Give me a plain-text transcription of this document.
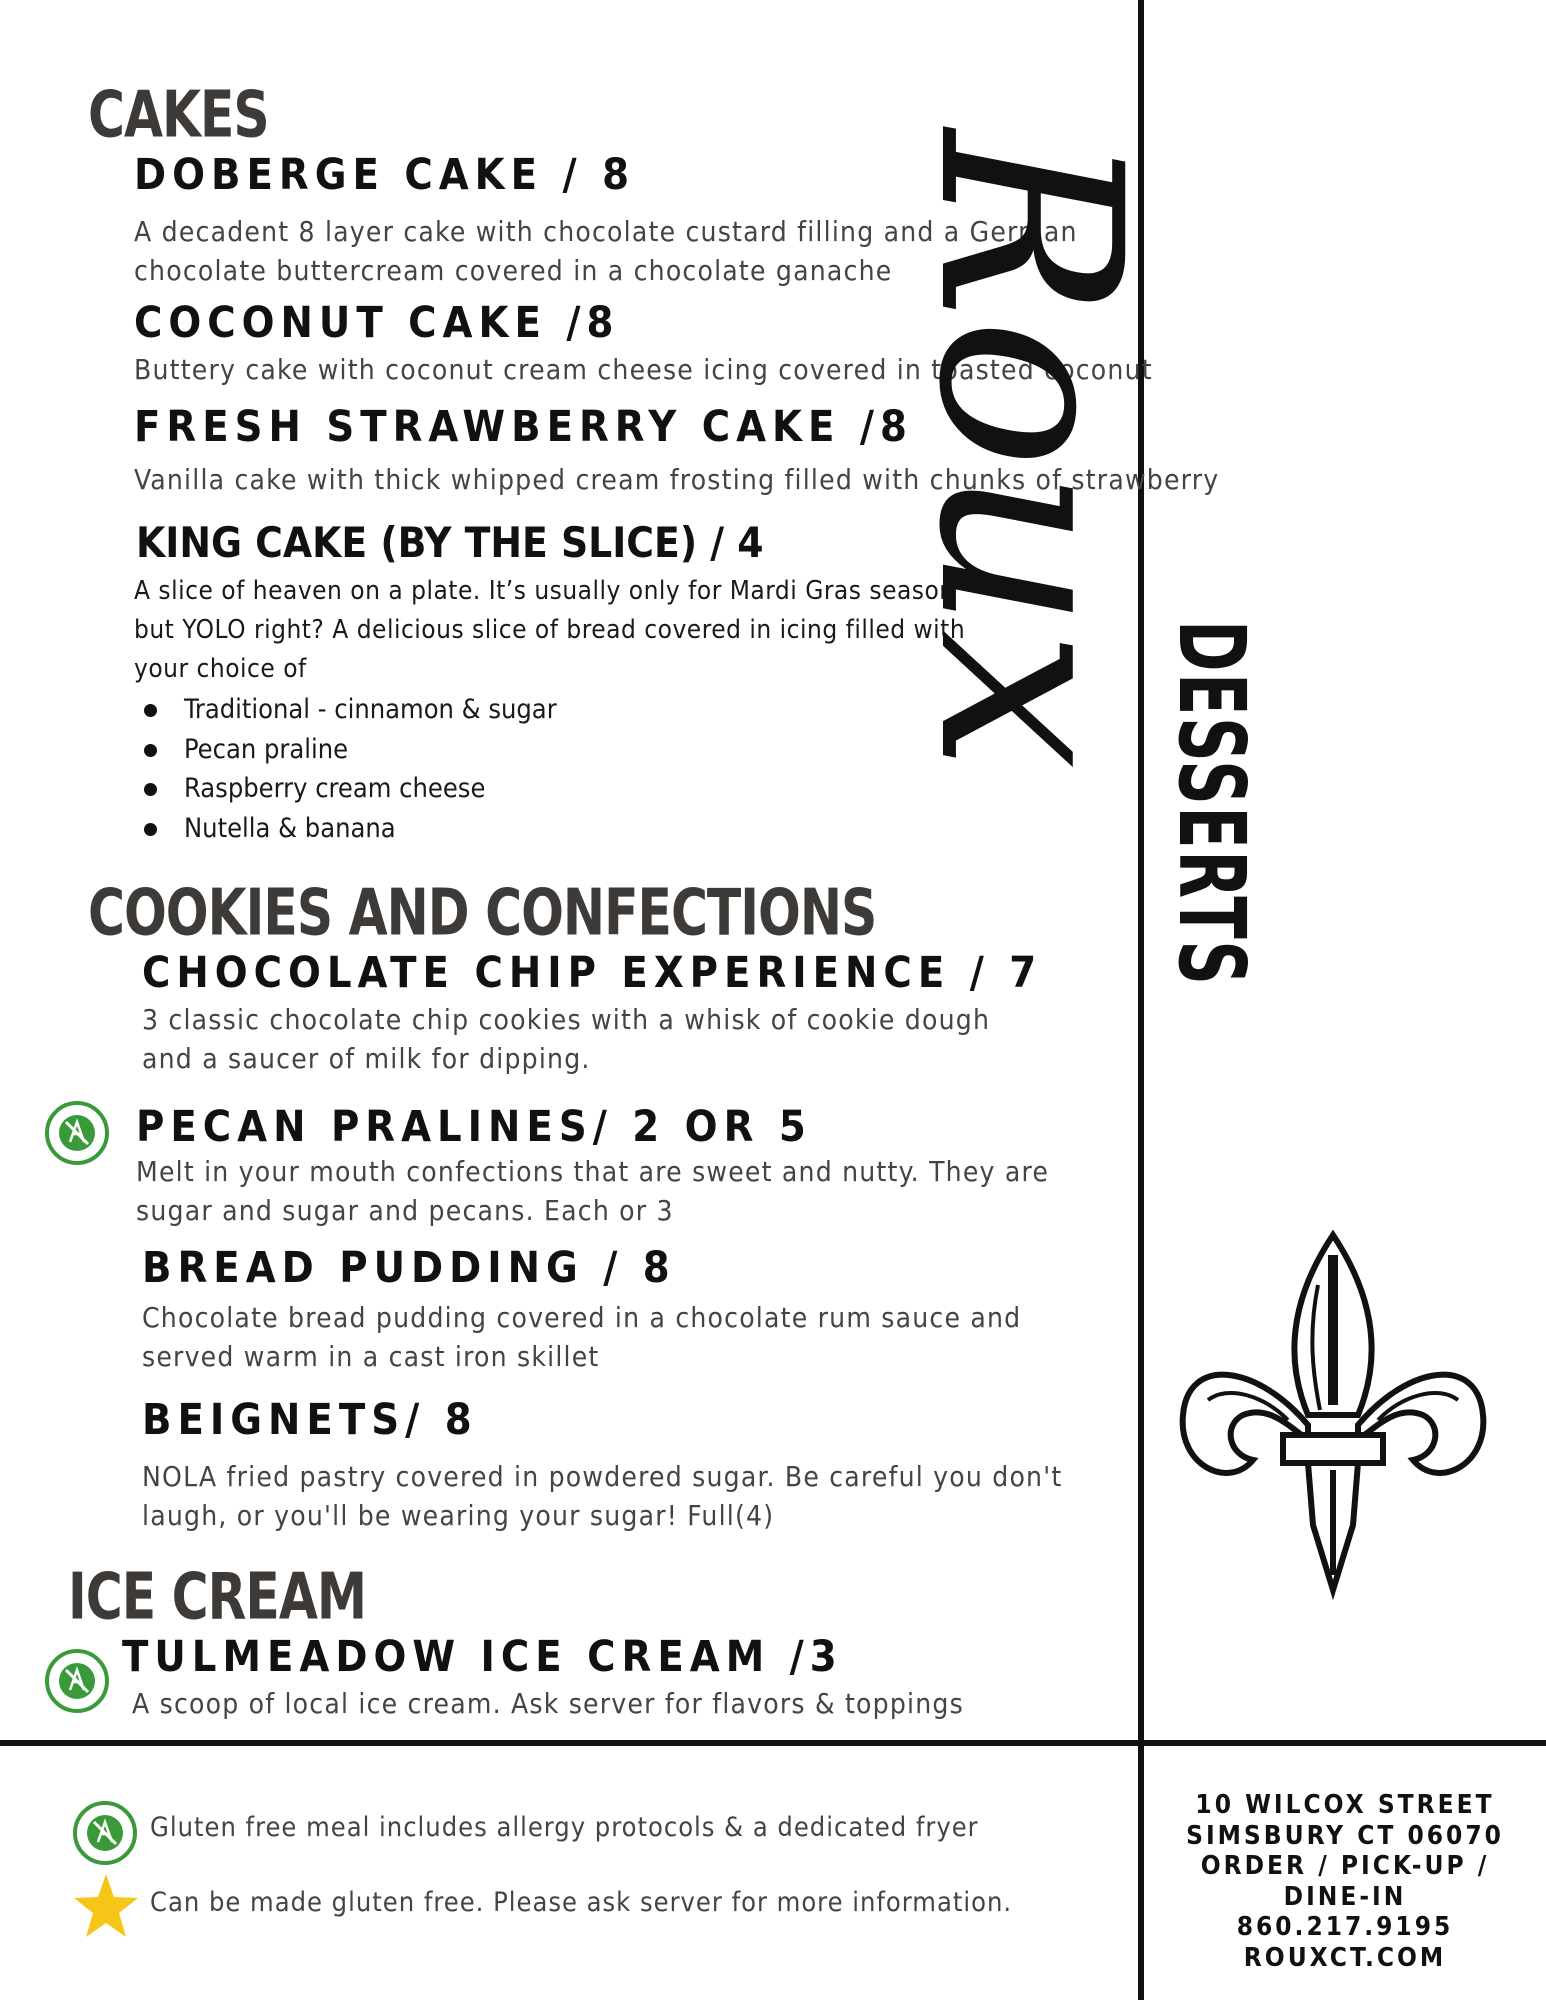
CAKES
DOBERGE CAKE / 8
A decadent 8 layer cake with chocolate custard filling and a German
chocolate buttercream covered in a chocolate ganache
COCONUT CAKE /8
Buttery cake with coconut cream cheese icing covered in toasted coconut
FRESH STRAWBERRY CAKE /8
Vanilla cake with thick whipped cream frosting filled with chunks of strawberry
KING CAKE (BY THE SLICE) / 4
A slice of heaven on a plate. It’s usually only for Mardi Gras season
but YOLO right? A delicious slice of bread covered in icing filled with
your choice of
Traditional - cinnamon & sugar
Pecan praline
Raspberry cream cheese
Nutella & banana
COOKIES AND CONFECTIONS
CHOCOLATE CHIP EXPERIENCE / 7
3 classic chocolate chip cookies with a whisk of cookie dough
and a saucer of milk for dipping.
PECAN PRALINES/ 2 OR 5
Melt in your mouth confections that are sweet and nutty. They are
sugar and sugar and pecans. Each or 3
BREAD PUDDING / 8
Chocolate bread pudding covered in a chocolate rum sauce and
served warm in a cast iron skillet
BEIGNETS/ 8
NOLA fried pastry covered in powdered sugar. Be careful you don't
laugh, or you'll be wearing your sugar! Full(4)
ICE CREAM
TULMEADOW ICE CREAM /3
A scoop of local ice cream. Ask server for flavors & toppings
Roux
DESSERTS
Gluten free meal includes allergy protocols & a dedicated fryer
Can be made gluten free. Please ask server for more information.
10 WILCOX STREET
SIMSBURY CT 06070
ORDER / PICK-UP /
DINE-IN
860.217.9195
ROUXCT.COM
